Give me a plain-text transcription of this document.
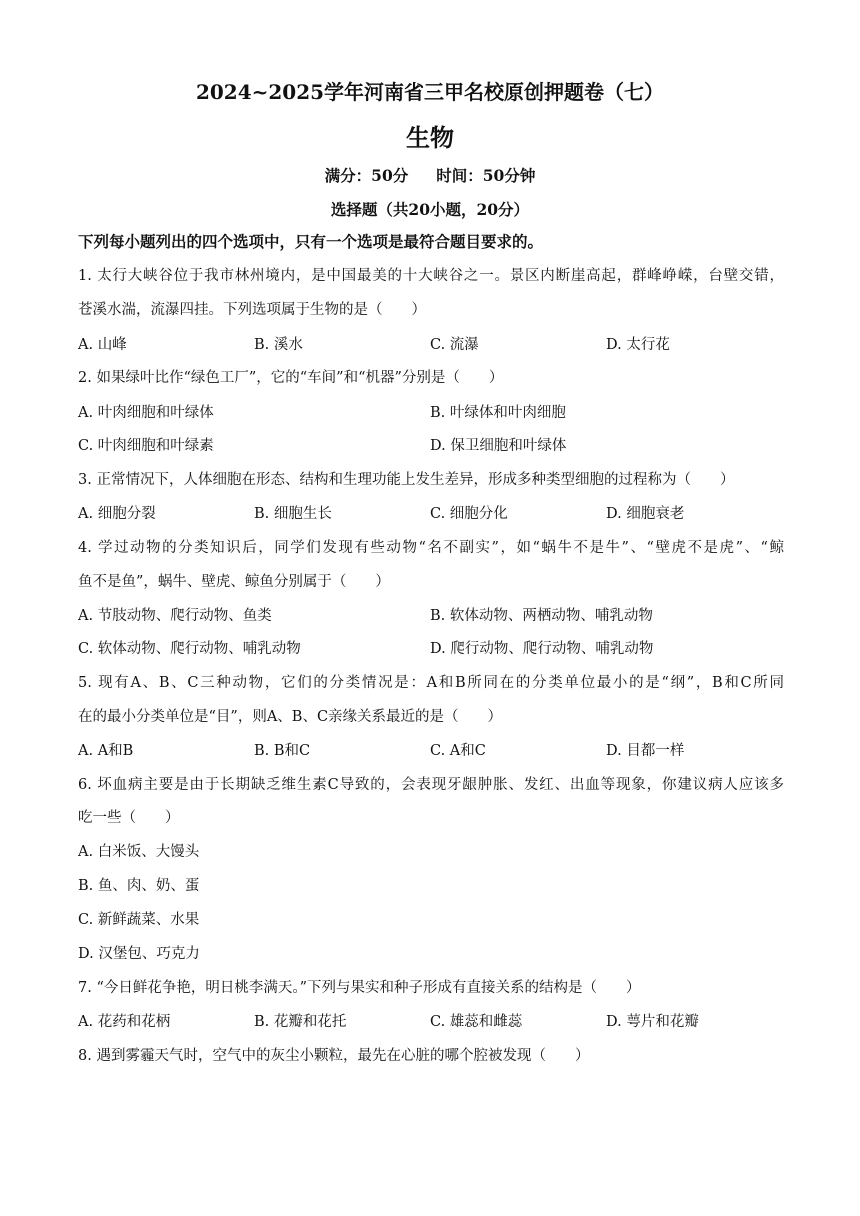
2024~2025学年河南省三甲名校原创押题卷（七）
生物
满分：50分 时间：50分钟
选择题（共20小题，20分）
下列每小题列出的四个选项中，只有一个选项是最符合题目要求的。
1. 太行大峡谷位于我市林州境内，是中国最美的十大峡谷之一。景区内断崖高起，群峰峥嵘，台壁交错，
苍溪水湍，流瀑四挂。下列选项属于生物的是（　　）
A. 山峰	B. 溪水	C. 流瀑	D. 太行花
2. 如果绿叶比作“绿色工厂”，它的“车间”和“机器”分别是（　　）
A. 叶肉细胞和叶绿体	B. 叶绿体和叶肉细胞
C. 叶肉细胞和叶绿素	D. 保卫细胞和叶绿体
3. 正常情况下，人体细胞在形态、结构和生理功能上发生差异，形成多种类型细胞的过程称为（　　）
A. 细胞分裂	B. 细胞生长	C. 细胞分化	D. 细胞衰老
4. 学过动物的分类知识后，同学们发现有些动物“名不副实”，如“蜗牛不是牛”、“壁虎不是虎”、“鲸
鱼不是鱼”，蜗牛、壁虎、鲸鱼分别属于（　　）
A. 节肢动物、爬行动物、鱼类	B. 软体动物、两栖动物、哺乳动物
C. 软体动物、爬行动物、哺乳动物	D. 爬行动物、爬行动物、哺乳动物
5. 现有A、B、C三种动物，它们的分类情况是：A和B所同在的分类单位最小的是“纲”，B和C所同
在的最小分类单位是“目”，则A、B、C亲缘关系最近的是（　　）
A. A和B	B. B和C	C. A和C	D. 目都一样
6. 坏血病主要是由于长期缺乏维生素C导致的，会表现牙龈肿胀、发红、出血等现象，你建议病人应该多
吃一些（　　）
A. 白米饭、大馒头
B. 鱼、肉、奶、蛋
C. 新鲜蔬菜、水果
D. 汉堡包、巧克力
7. “今日鲜花争艳，明日桃李满天。”下列与果实和种子形成有直接关系的结构是（　　）
A. 花药和花柄	B. 花瓣和花托	C. 雄蕊和雌蕊	D. 萼片和花瓣
8. 遇到雾霾天气时，空气中的灰尘小颗粒，最先在心脏的哪个腔被发现（　　）
